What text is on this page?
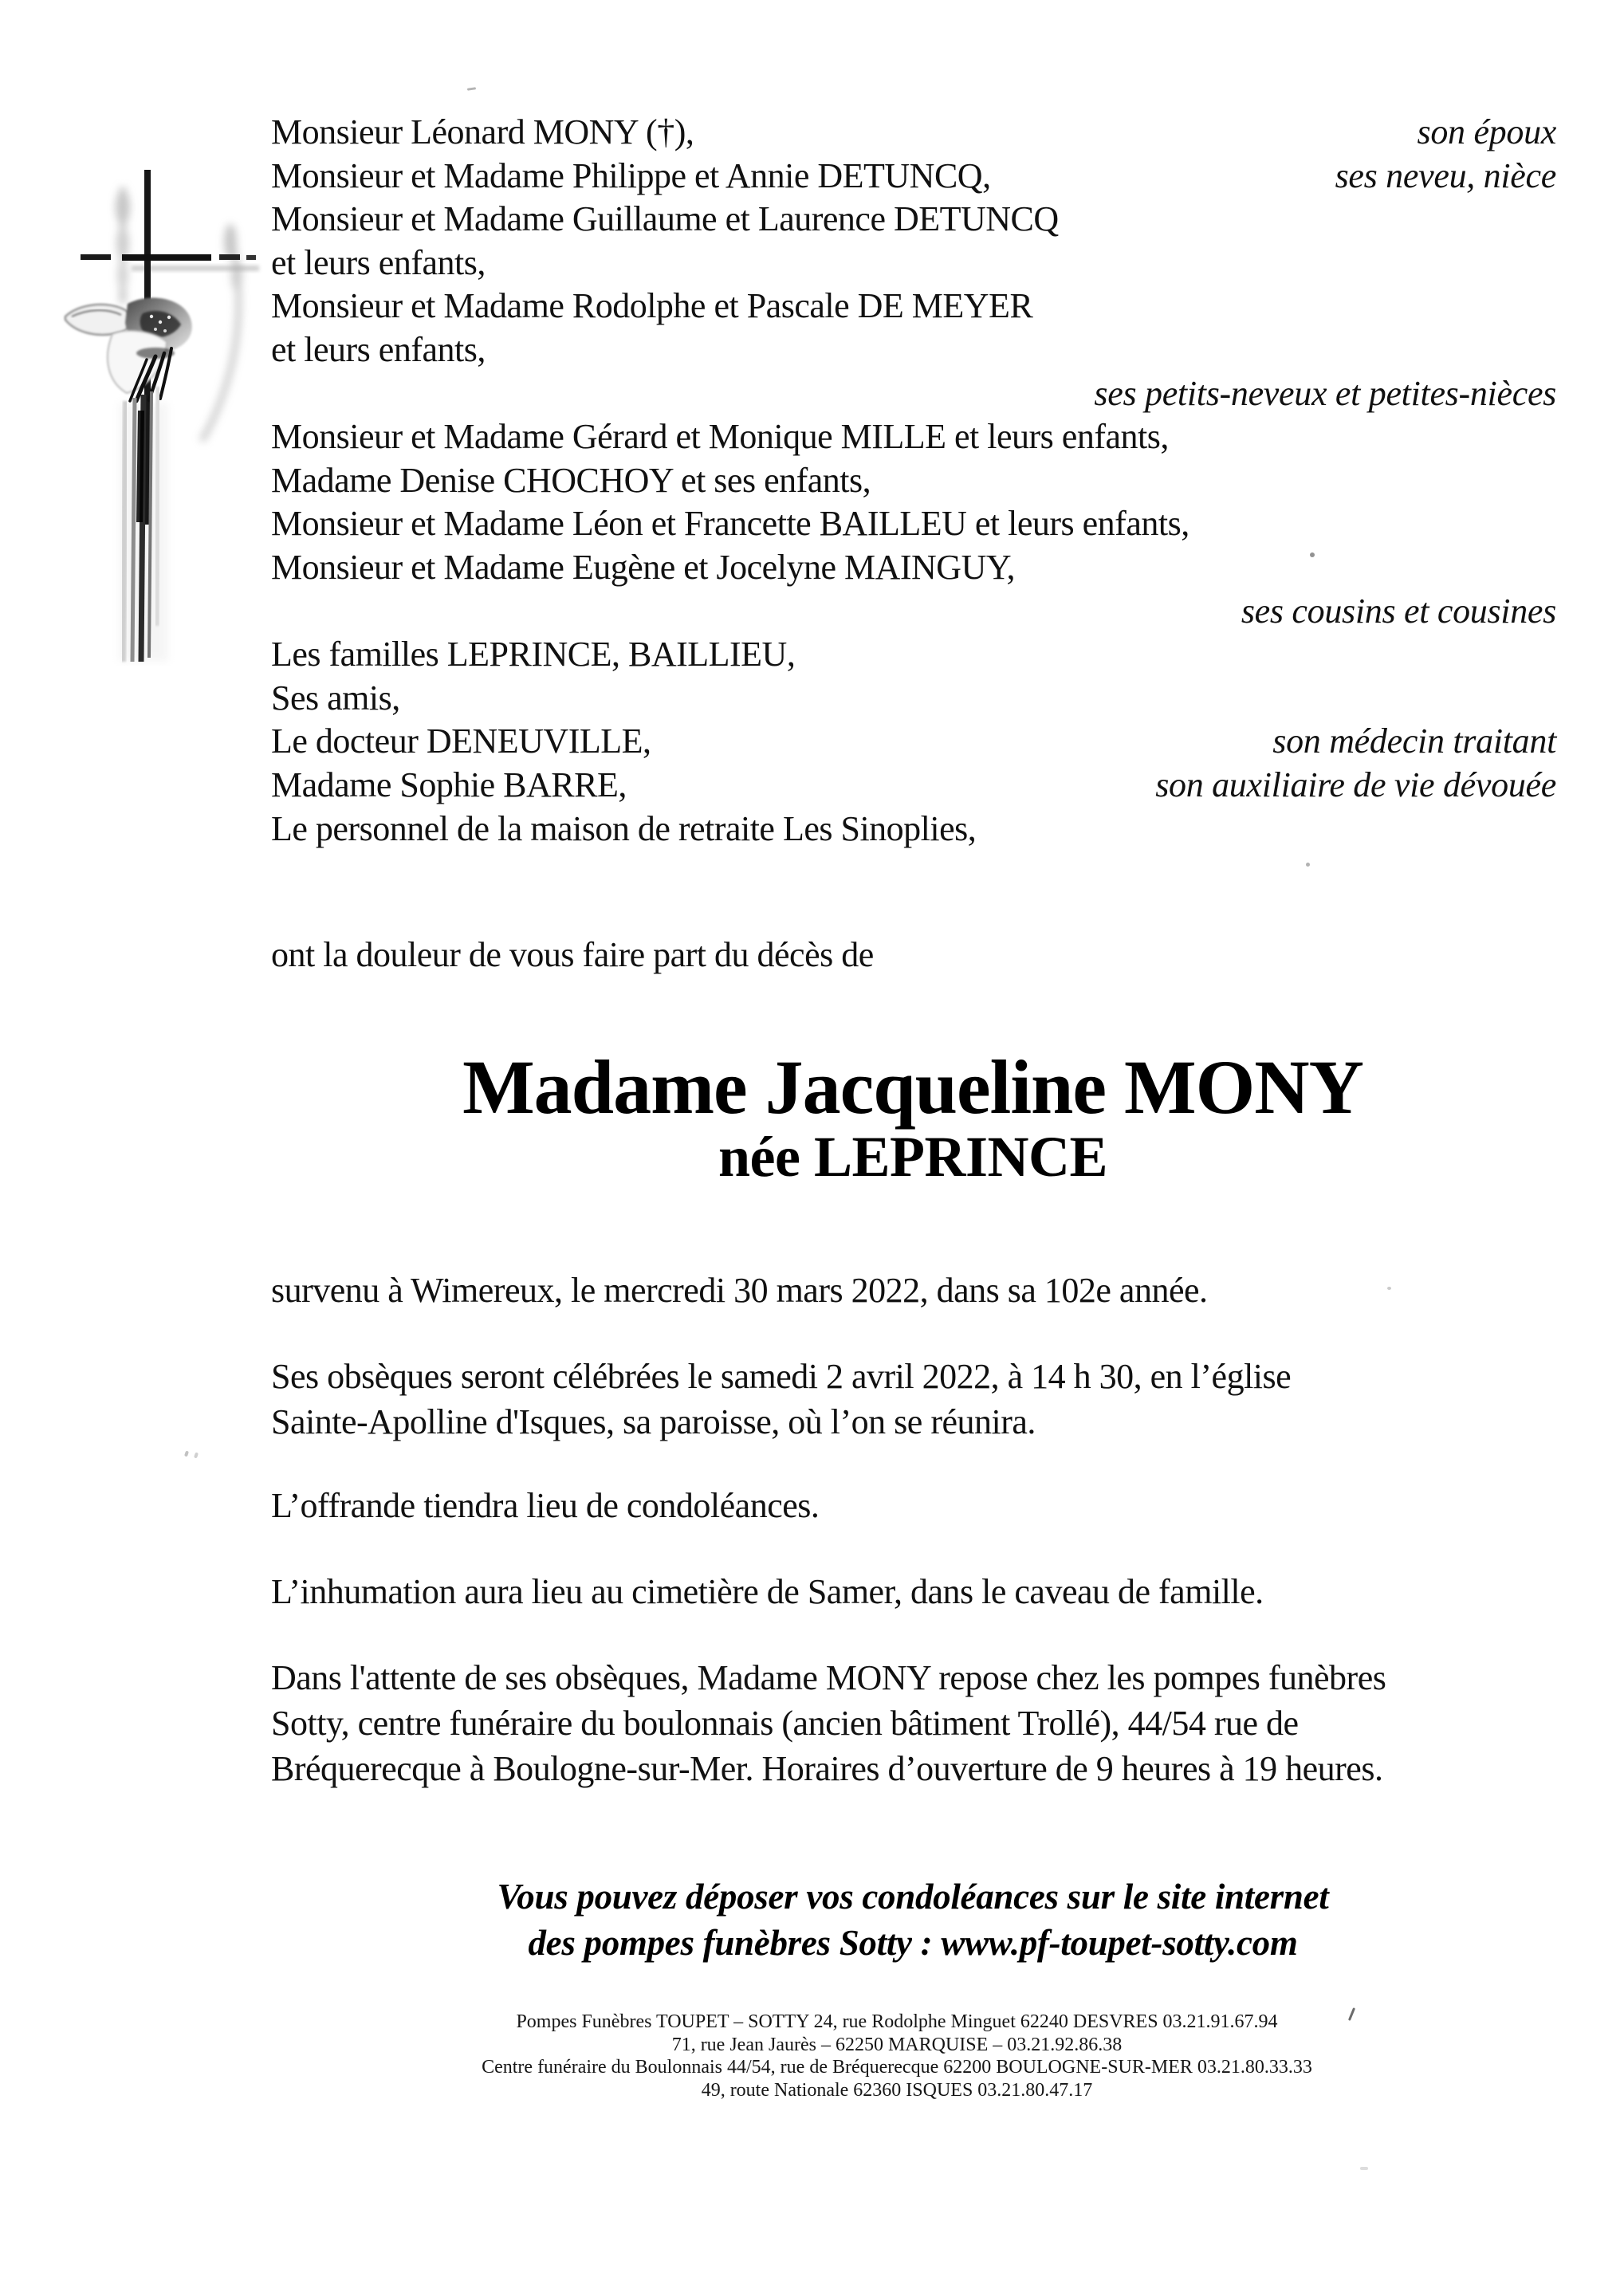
Monsieur Léonard MONY (†),	son époux
Monsieur et Madame Philippe et Annie DETUNCQ,	ses neveu, nièce
Monsieur et Madame Guillaume et Laurence DETUNCQ
et leurs enfants,
Monsieur et Madame Rodolphe et Pascale DE MEYER
et leurs enfants,
ses petits-neveux et petites-nièces
Monsieur et Madame Gérard et Monique MILLE et leurs enfants,
Madame Denise CHOCHOY et ses enfants,
Monsieur et Madame Léon et Francette BAILLEU et leurs enfants,
Monsieur et Madame Eugène et Jocelyne MAINGUY,
ses cousins et cousines
Les familles LEPRINCE, BAILLIEU,
Ses amis,
Le docteur DENEUVILLE,	son médecin traitant
Madame Sophie BARRE,	son auxiliaire de vie dévouée
Le personnel de la maison de retraite Les Sinoplies,
ont la douleur de vous faire part du décès de
Madame Jacqueline MONY
née LEPRINCE
survenu à Wimereux, le mercredi 30 mars 2022, dans sa 102e année.
Ses obsèques seront célébrées le samedi 2 avril 2022, à 14 h 30, en l’église
Sainte-Apolline d'Isques, sa paroisse, où l’on se réunira.
L’offrande tiendra lieu de condoléances.
L’inhumation aura lieu au cimetière de Samer, dans le caveau de famille.
Dans l'attente de ses obsèques, Madame MONY repose chez les pompes funèbres
Sotty, centre funéraire du boulonnais (ancien bâtiment Trollé), 44/54 rue de
Bréquerecque à Boulogne-sur-Mer. Horaires d’ouverture de 9 heures à 19 heures.
Vous pouvez déposer vos condoléances sur le site internet
des pompes funèbres Sotty : www.pf-toupet-sotty.com
Pompes Funèbres TOUPET – SOTTY 24, rue Rodolphe Minguet 62240 DESVRES 03.21.91.67.94
71, rue Jean Jaurès – 62250 MARQUISE – 03.21.92.86.38
Centre funéraire du Boulonnais 44/54, rue de Bréquerecque 62200 BOULOGNE-SUR-MER 03.21.80.33.33
49, route Nationale 62360 ISQUES 03.21.80.47.17
